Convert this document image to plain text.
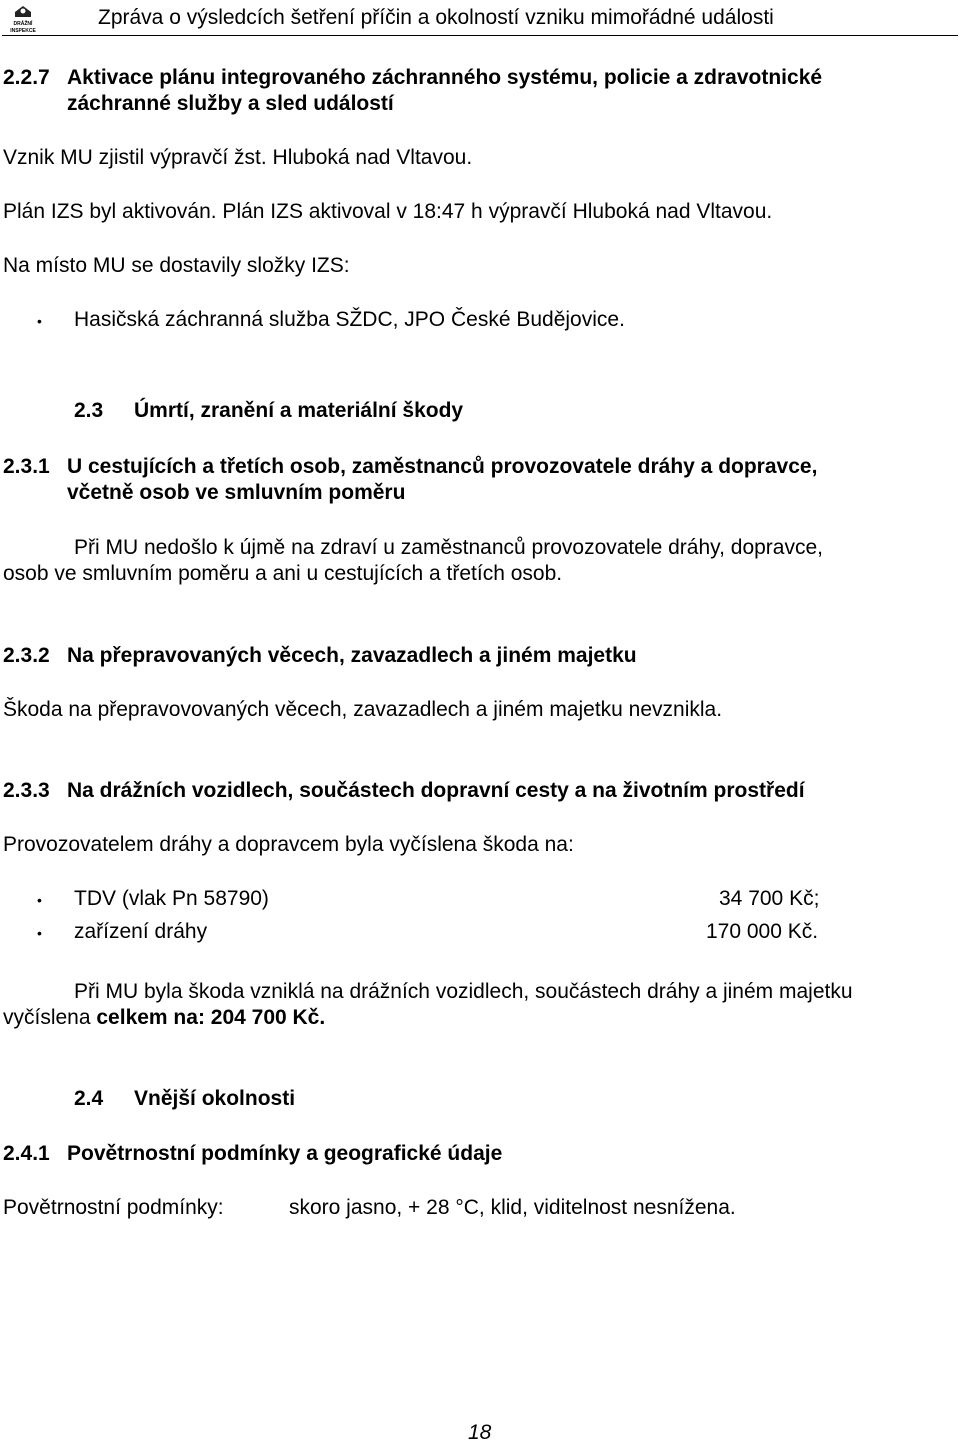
DRÁŽNÍ
INSPEKCE
Zpráva o výsledcích šetření příčin a okolností vzniku mimořádné události
2.2.7 Aktivace plánu integrovaného záchranného systému, policie a zdravotnické
záchranné služby a sled událostí
Vznik MU zjistil výpravčí žst. Hluboká nad Vltavou.
Plán IZS byl aktivován. Plán IZS aktivoval v 18:47 h výpravčí Hluboká nad Vltavou.
Na místo MU se dostavily složky IZS:
• Hasičská záchranná služba SŽDC, JPO České Budějovice.
2.3 Úmrtí, zranění a materiální škody
2.3.1 U cestujících a třetích osob, zaměstnanců provozovatele dráhy a dopravce,
včetně osob ve smluvním poměru
Při MU nedošlo k újmě na zdraví u zaměstnanců provozovatele dráhy, dopravce,
osob ve smluvním poměru a ani u cestujících a třetích osob.
2.3.2 Na přepravovaných věcech, zavazadlech a jiném majetku
Škoda na přepravovovaných věcech, zavazadlech a jiném majetku nevznikla.
2.3.3 Na drážních vozidlech, součástech dopravní cesty a na životním prostředí
Provozovatelem dráhy a dopravcem byla vyčíslena škoda na:
• TDV (vlak Pn 58790)	34 700 Kč;
• zařízení dráhy	170 000 Kč.
Při MU byla škoda vzniklá na drážních vozidlech, součástech dráhy a jiném majetku
vyčíslena celkem na: 204 700 Kč.
2.4 Vnější okolnosti
2.4.1 Povětrnostní podmínky a geografické údaje
Povětrnostní podmínky:	skoro jasno, + 28 °C, klid, viditelnost nesnížena.
18
